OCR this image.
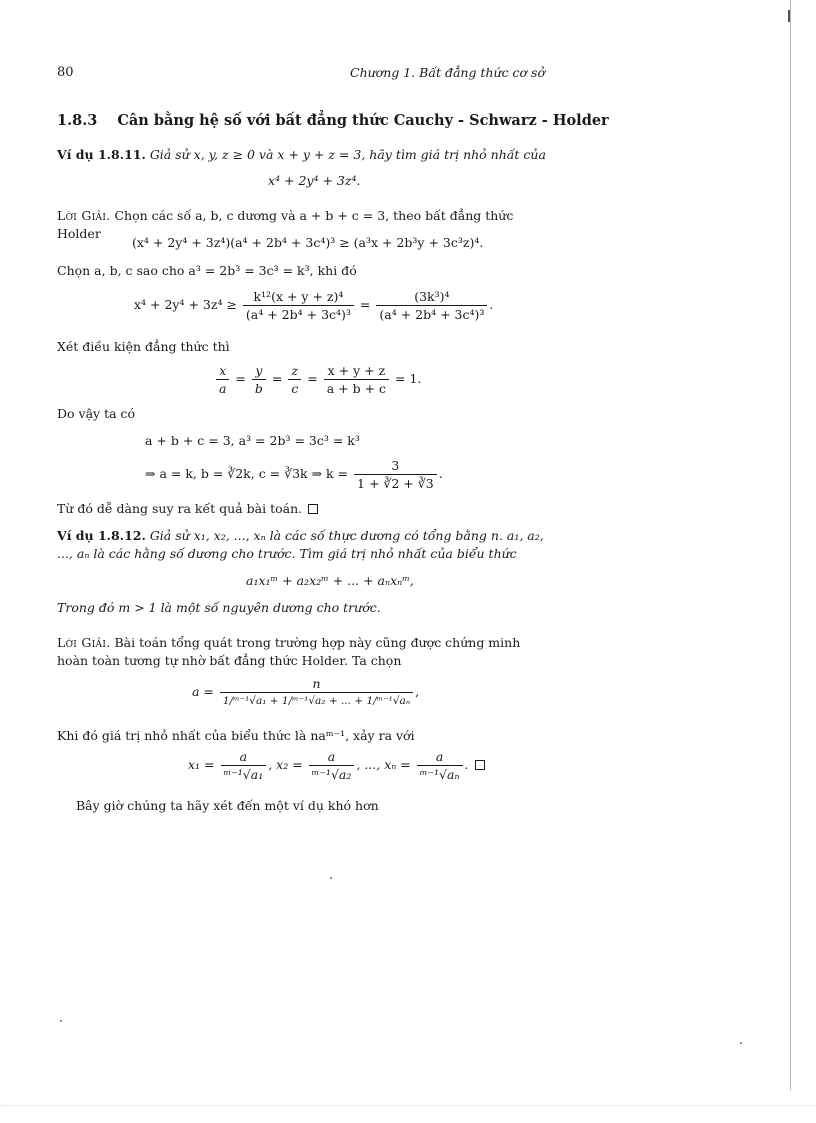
80	Chương 1. Bất đẳng thức cơ sở
1.8.3 Cân bằng hệ số với bất đẳng thức Cauchy - Schwarz - Holder
Ví dụ 1.8.11. Giả sử x, y, z ≥ 0 và x + y + z = 3, hãy tìm giá trị nhỏ nhất của
x⁴ + 2y⁴ + 3z⁴.
Lời Giải. Chọn các số a, b, c dương và a + b + c = 3, theo bất đẳng thức Holder
(x⁴ + 2y⁴ + 3z⁴)(a⁴ + 2b⁴ + 3c⁴)³ ≥ (a³x + 2b³y + 3c³z)⁴.
Chọn a, b, c sao cho a³ = 2b³ = 3c³ = k³, khi đó
$x^4 + 2y^4 + 3z^4 \ge \frac{\text{k¹²(x + y + z)⁴}}{\text{(a⁴ + 2b⁴ + 3c⁴)³}} = \frac{\text{(3k³)⁴}}{\text{(a⁴ + 2b⁴ + 3c⁴)³}}$ .
Xét điều kiện đẳng thức thì
$\frac{x}{a} = \frac{y}{b} = \frac{z}{c} = \frac{x + y + z}{a + b + c} = 1$.
Do vậy ta có
a + b + c = 3, a³ = 2b³ = 3c³ = k³
⇒ a = k, b = ∛2k, c = ∛3k ⇒ $k = \frac{3}{1 + ∛2 + ∛3}$ .
Từ đó dễ dàng suy ra kết quả bài toán.
Ví dụ 1.8.12. Giả sử x₁, x₂, ..., xₙ là các số thực dương có tổng bằng n. a₁, a₂, ..., aₙ là các hằng số dương cho trước. Tìm giá trị nhỏ nhất của biểu thức
a₁x₁ᵐ + a₂x₂ᵐ + ... + aₙxₙᵐ,
Trong đó m > 1 là một số nguyên dương cho trước.
Lời Giải. Bài toán tổng quát trong trường hợp này cũng được chứng minh hoàn toàn tương tự nhờ bất đẳng thức Holder. Ta chọn
$a = \frac{n}{\text{1/ᵐ⁻¹√a₁ + 1/ᵐ⁻¹√a₂ + ... + 1/ᵐ⁻¹√aₙ}}$ ,
Khi đó giá trị nhỏ nhất của biểu thức là naᵐ⁻¹, xảy ra với
$x_1 = \frac{a}{\text{ᵐ⁻¹√a₁}}$ , $x_2 = \frac{a}{\text{ᵐ⁻¹√a₂}}$ , ..., $x_n = \frac{a}{\text{ᵐ⁻¹√aₙ}}$ .
Bây giờ chúng ta hãy xét đến một ví dụ khó hơn
